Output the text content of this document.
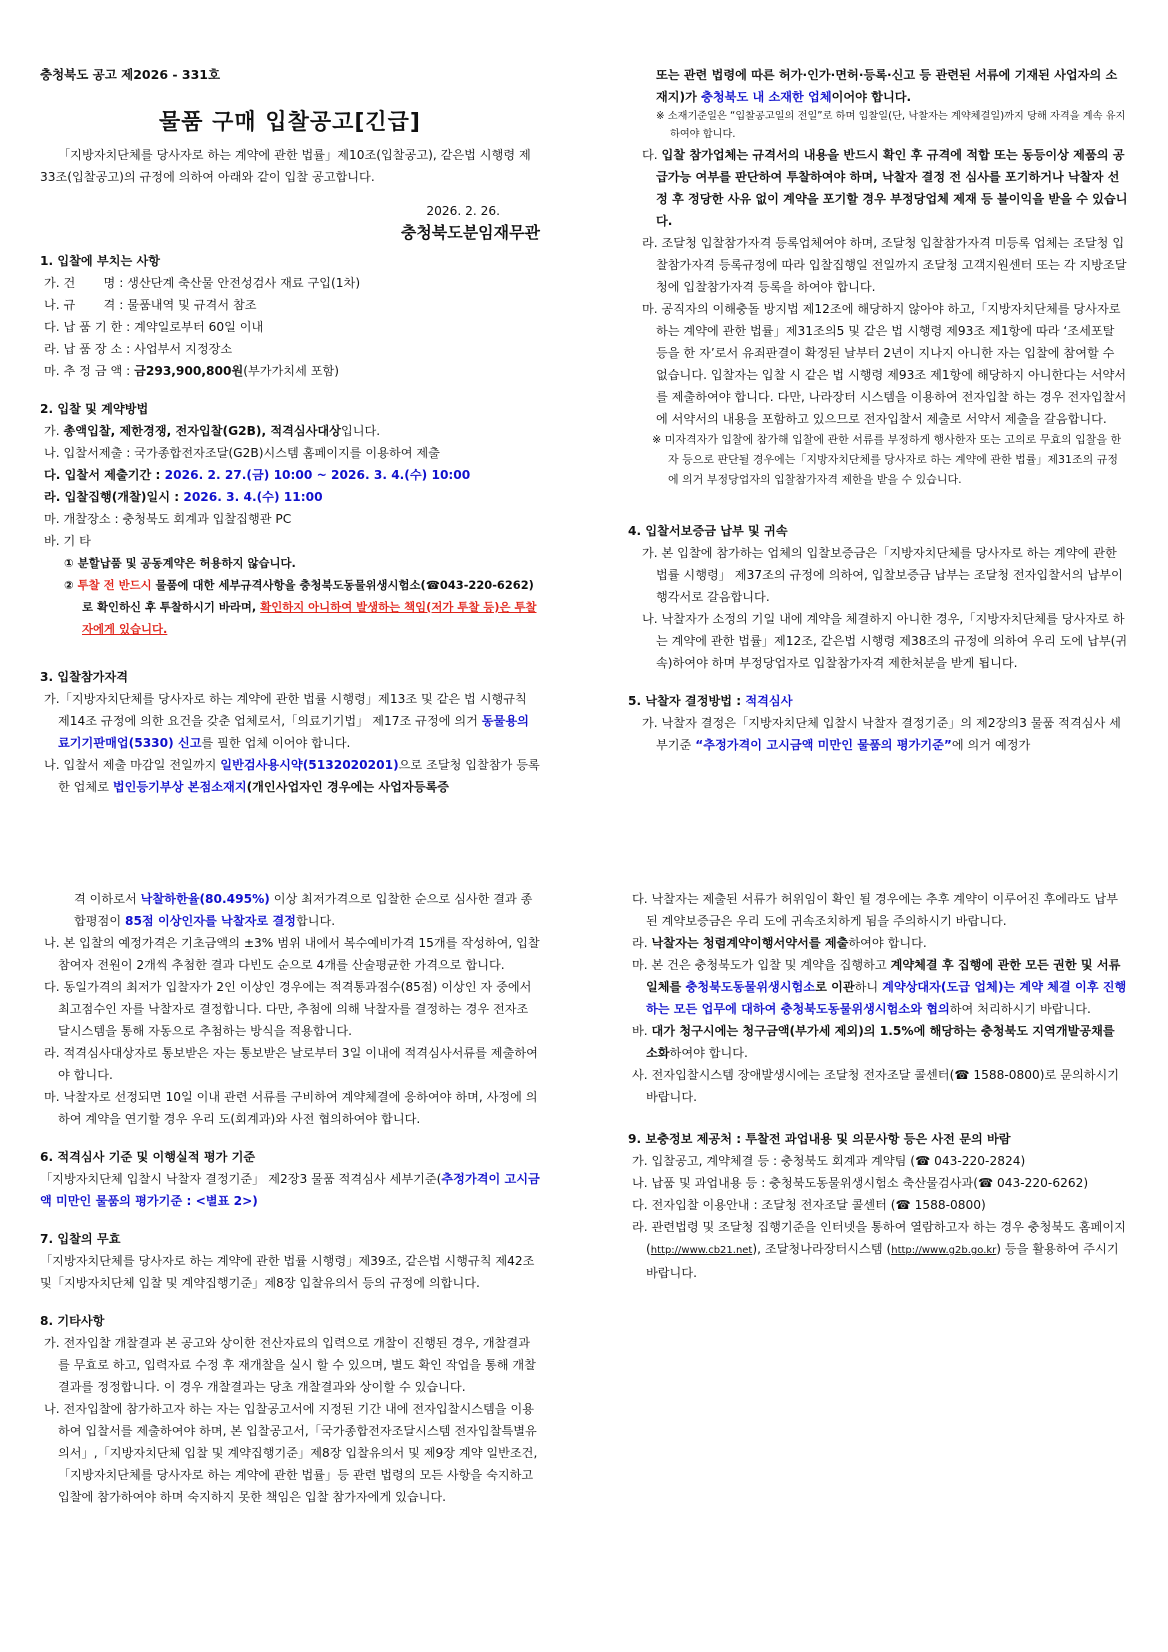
충청북도 공고 제2026 - 331호

물품 구매 입찰공고[긴급]

「지방자치단체를 당사자로 하는 계약에 관한 법률」제10조(입찰공고), 같은법 시행령 제33조(입찰공고)의 규정에 의하여 아래와 같이 입찰 공고합니다.

2026. 2. 26.

충청북도분임재무관

1. 입찰에 부치는 사항

가. 건　　 명 : 생산단계 축산물 안전성검사 재료 구입(1차)

나. 규　　 격 : 물품내역 및 규격서 참조

다. 납 품 기 한 : 계약일로부터 60일 이내

라. 납 품 장 소 : 사업부서 지정장소

마. 추 정 금 액 : 금293,900,800원(부가가치세 포함)

2. 입찰 및 계약방법

가. 총액입찰, 제한경쟁, 전자입찰(G2B), 적격심사대상입니다.

나. 입찰서제출 : 국가종합전자조달(G2B)시스템 홈페이지를 이용하여 제출

다. 입찰서 제출기간 : 2026. 2. 27.(금) 10:00 ~ 2026. 3. 4.(수) 10:00

라. 입찰집행(개찰)일시 : 2026. 3. 4.(수) 11:00

마. 개찰장소 : 충청북도 회계과 입찰집행관 PC

바. 기 타

① 분할납품 및 공동계약은 허용하지 않습니다.

② 투찰 전 반드시 물품에 대한 세부규격사항을 충청북도동물위생시험소(☎043-220-6262)로 확인하신 후 투찰하시기 바라며, 확인하지 아니하여 발생하는 책임(저가 투찰 등)은 투찰자에게 있습니다.

3. 입찰참가자격

가.「지방자치단체를 당사자로 하는 계약에 관한 법률 시행령」제13조 및 같은 법 시행규칙 제14조 규정에 의한 요건을 갖춘 업체로서,「의료기기법」 제17조 규정에 의거 동물용의료기기판매업(5330) 신고를 필한 업체 이어야 합니다.

나. 입찰서 제출 마감일 전일까지 일반검사용시약(5132020201)으로 조달청 입찰참가 등록한 업체로 법인등기부상 본점소재지(개인사업자인 경우에는 사업자등록증

또는 관련 법령에 따른 허가·인가·면허·등록·신고 등 관련된 서류에 기재된 사업자의 소재지)가 충청북도 내 소재한 업체이어야 합니다.

※ 소재기준일은 “입찰공고일의 전일”로 하며 입찰일(단, 낙찰자는 계약체결일)까지 당해 자격을 계속 유지하여야 합니다.

다. 입찰 참가업체는 규격서의 내용을 반드시 확인 후 규격에 적합 또는 동등이상 제품의 공급가능 여부를 판단하여 투찰하여야 하며, 낙찰자 결정 전 심사를 포기하거나 낙찰자 선정 후 정당한 사유 없이 계약을 포기할 경우 부정당업체 제재 등 불이익을 받을 수 있습니다.

라. 조달청 입찰참가자격 등록업체여야 하며, 조달청 입찰참가자격 미등록 업체는 조달청 입찰참가자격 등록규정에 따라 입찰집행일 전일까지 조달청 고객지원센터 또는 각 지방조달청에 입찰참가자격 등록을 하여야 합니다.

마. 공직자의 이해충돌 방지법 제12조에 해당하지 않아야 하고,「지방자치단체를 당사자로 하는 계약에 관한 법률」제31조의5 및 같은 법 시행령 제93조 제1항에 따라 ‘조세포탈 등을 한 자’로서 유죄판결이 확정된 날부터 2년이 지나지 아니한 자는 입찰에 참여할 수 없습니다. 입찰자는 입찰 시 같은 법 시행령 제93조 제1항에 해당하지 아니한다는 서약서를 제출하여야 합니다. 다만, 나라장터 시스템을 이용하여 전자입찰 하는 경우 전자입찰서에 서약서의 내용을 포함하고 있으므로 전자입찰서 제출로 서약서 제출을 갈음합니다.

※ 미자격자가 입찰에 참가해 입찰에 관한 서류를 부정하게 행사한자 또는 고의로 무효의 입찰을 한 자 등으로 판단될 경우에는「지방자치단체를 당사자로 하는 계약에 관한 법률」제31조의 규정에 의거 부정당업자의 입찰참가자격 제한을 받을 수 있습니다.

4. 입찰서보증금 납부 및 귀속

가. 본 입찰에 참가하는 업체의 입찰보증금은「지방자치단체를 당사자로 하는 계약에 관한 법률 시행령」 제37조의 규정에 의하여, 입찰보증금 납부는 조달청 전자입찰서의 납부이행각서로 갈음합니다.

나. 낙찰자가 소정의 기일 내에 계약을 체결하지 아니한 경우,「지방자치단체를 당사자로 하는 계약에 관한 법률」제12조, 같은법 시행령 제38조의 규정에 의하여 우리 도에 납부(귀속)하여야 하며 부정당업자로 입찰참가자격 제한처분을 받게 됩니다.

5. 낙찰자 결정방법 : 적격심사

가. 낙찰자 결정은「지방자치단체 입찰시 낙찰자 결정기준」의 제2장의3 물품 적격심사 세부기준 “추정가격이 고시금액 미만인 물품의 평가기준”에 의거 예정가

격 이하로서 낙찰하한율(80.495%) 이상 최저가격으로 입찰한 순으로 심사한 결과 종합평점이 85점 이상인자를 낙찰자로 결정합니다.

나. 본 입찰의 예정가격은 기초금액의 ±3% 범위 내에서 복수예비가격 15개를 작성하여, 입찰 참여자 전원이 2개씩 추첨한 결과 다빈도 순으로 4개를 산술평균한 가격으로 합니다.

다. 동일가격의 최저가 입찰자가 2인 이상인 경우에는 적격통과점수(85점) 이상인 자 중에서 최고점수인 자를 낙찰자로 결정합니다. 다만, 추첨에 의해 낙찰자를 결정하는 경우 전자조달시스템을 통해 자동으로 추첨하는 방식을 적용합니다.

라. 적격심사대상자로 통보받은 자는 통보받은 날로부터 3일 이내에 적격심사서류를 제출하여야 합니다.

마. 낙찰자로 선정되면 10일 이내 관련 서류를 구비하여 계약체결에 응하여야 하며, 사정에 의하여 계약을 연기할 경우 우리 도(회계과)와 사전 협의하여야 합니다.

6. 적격심사 기준 및 이행실적 평가 기준

「지방자치단체 입찰시 낙찰자 결정기준」 제2장3 물품 적격심사 세부기준(추정가격이 고시금액 미만인 물품의 평가기준 : <별표 2>)

7. 입찰의 무효

「지방자치단체를 당사자로 하는 계약에 관한 법률 시행령」제39조, 같은법 시행규칙 제42조 및「지방자치단체 입찰 및 계약집행기준」제8장 입찰유의서 등의 규정에 의합니다.

8. 기타사항

가. 전자입찰 개찰결과 본 공고와 상이한 전산자료의 입력으로 개찰이 진행된 경우, 개찰결과를 무효로 하고, 입력자료 수정 후 재개찰을 실시 할 수 있으며, 별도 확인 작업을 통해 개찰결과를 정정합니다. 이 경우 개찰결과는 당초 개찰결과와 상이할 수 있습니다.

나. 전자입찰에 참가하고자 하는 자는 입찰공고서에 지정된 기간 내에 전자입찰시스템을 이용하여 입찰서를 제출하여야 하며, 본 입찰공고서,「국가종합전자조달시스템 전자입찰특별유의서」,「지방자치단체 입찰 및 계약집행기준」제8장 입찰유의서 및 제9장 계약 일반조건,「지방자치단체를 당사자로 하는 계약에 관한 법률」등 관련 법령의 모든 사항을 숙지하고 입찰에 참가하여야 하며 숙지하지 못한 책임은 입찰 참가자에게 있습니다.

다. 낙찰자는 제출된 서류가 허위임이 확인 될 경우에는 추후 계약이 이루어진 후에라도 납부된 계약보증금은 우리 도에 귀속조치하게 됨을 주의하시기 바랍니다.

라. 낙찰자는 청렴계약이행서약서를 제출하여야 합니다.

마. 본 건은 충청북도가 입찰 및 계약을 집행하고 계약체결 후 집행에 관한 모든 권한 및 서류 일체를 충청북도동물위생시험소로 이관하니 계약상대자(도급 업체)는 계약 체결 이후 진행하는 모든 업무에 대하여 충청북도동물위생시험소와 협의하여 처리하시기 바랍니다.

바. 대가 청구시에는 청구금액(부가세 제외)의 1.5%에 해당하는 충청북도 지역개발공채를 소화하여야 합니다.

사. 전자입찰시스템 장애발생시에는 조달청 전자조달 콜센터(☎ 1588-0800)로 문의하시기 바랍니다.

9. 보충정보 제공처 : 투찰전 과업내용 및 의문사항 등은 사전 문의 바람

가. 입찰공고, 계약체결 등 : 충청북도 회계과 계약팀 (☎ 043-220-2824)

나. 납품 및 과업내용 등 : 충청북도동물위생시험소 축산물검사과(☎ 043-220-6262)

다. 전자입찰 이용안내 : 조달청 전자조달 콜센터 (☎ 1588-0800)

라. 관련법령 및 조달청 집행기준을 인터넷을 통하여 열람하고자 하는 경우 충청북도 홈페이지(http://www.cb21.net), 조달청나라장터시스템 (http://www.g2b.go.kr) 등을 활용하여 주시기 바랍니다.
